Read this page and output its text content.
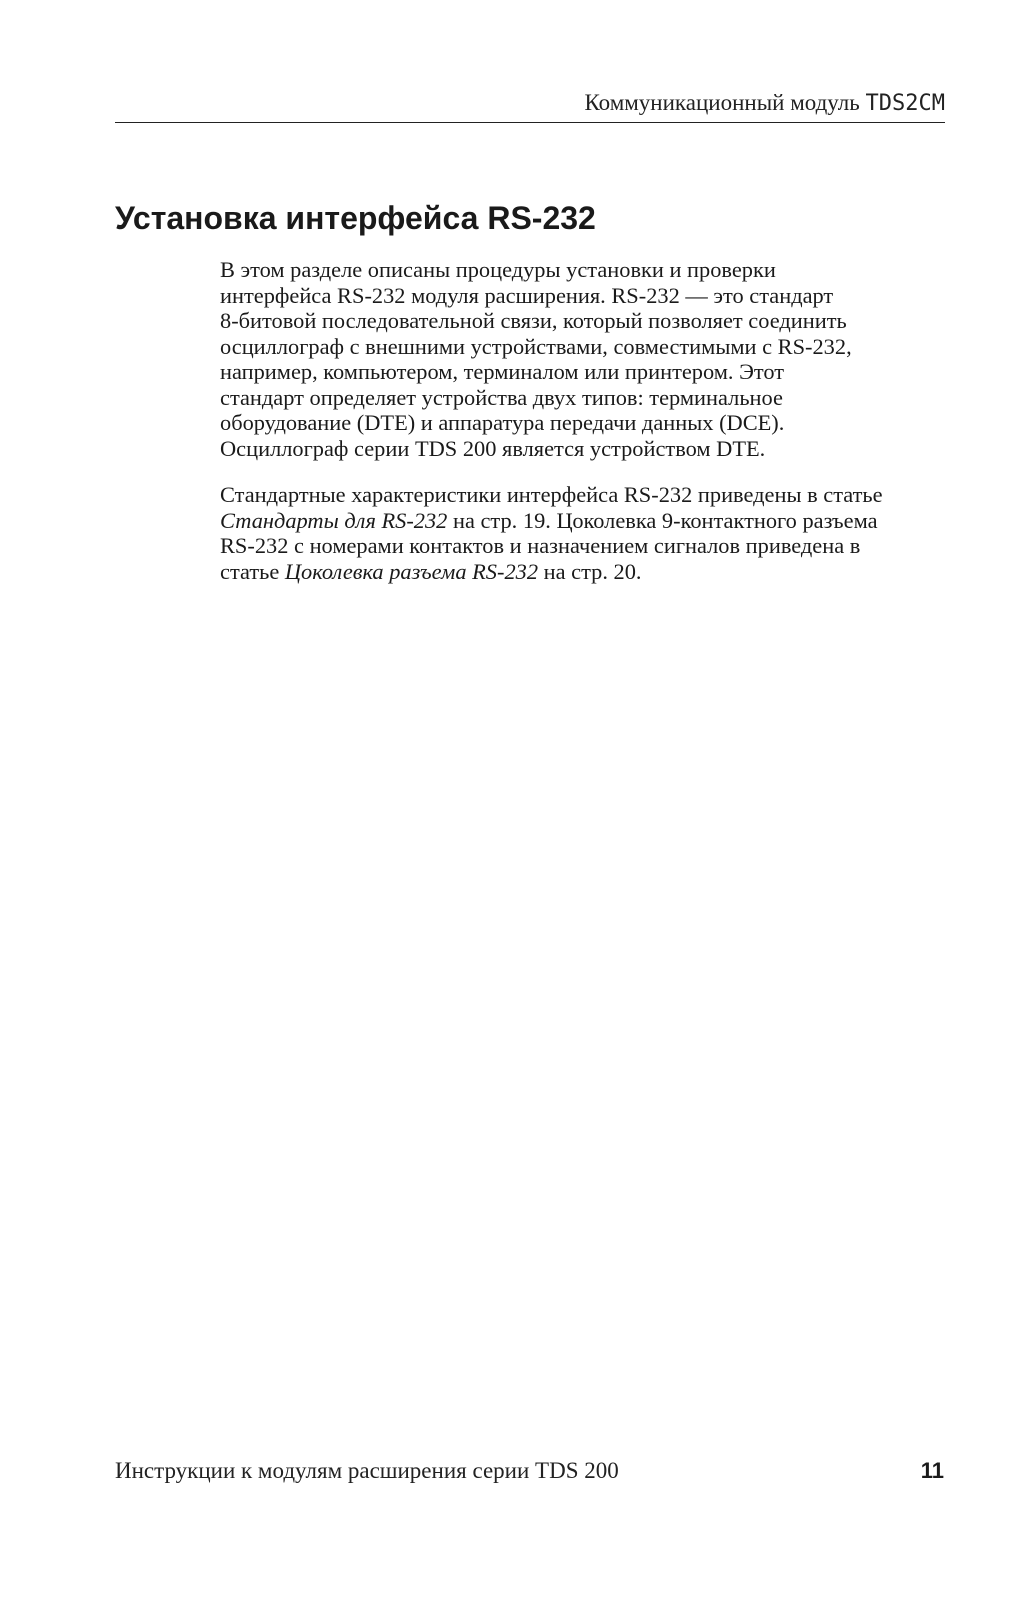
Коммуникационный модуль TDS2CM
Установка интерфейса RS-232
В этом разделе описаны процедуры установки и проверки
интерфейса RS-232 модуля расширения. RS-232 — это стандарт
8-битовой последовательной связи, который позволяет соединить
осциллограф с внешними устройствами, совместимыми с RS-232,
например, компьютером, терминалом или принтером. Этот
стандарт определяет устройства двух типов: терминальное
оборудование (DTE) и аппаратура передачи данных (DCE).
Осциллограф серии TDS 200 является устройством DTE.
Стандартные характеристики интерфейса RS-232 приведены в статье
Стандарты для RS-232 на стр. 19. Цоколевка 9-контактного разъема
RS-232 с номерами контактов и назначением сигналов приведена в
статье Цоколевка разъема RS-232 на стр. 20.
Инструкции к модулям расширения серии TDS 200	11
